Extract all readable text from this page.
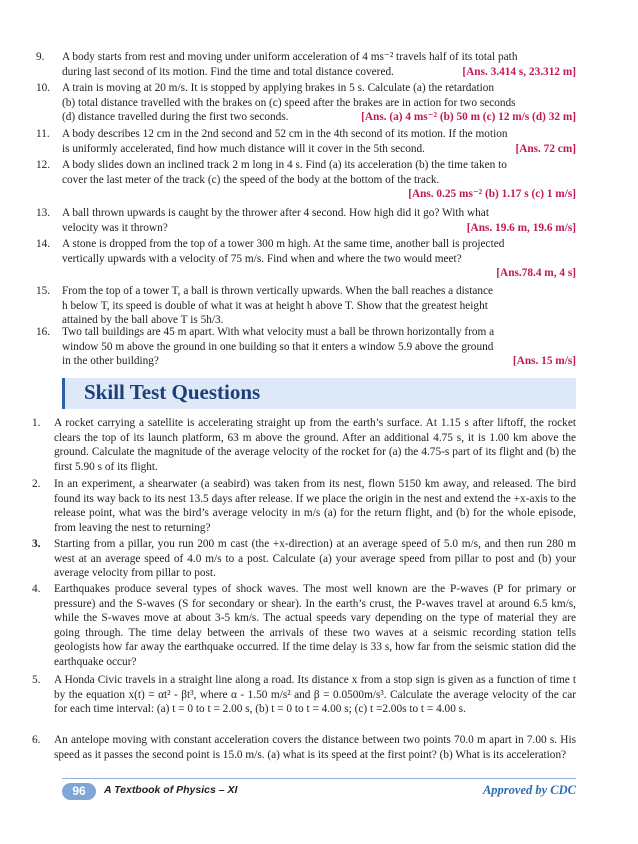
9. A body starts from rest and moving under uniform acceleration of 4 ms⁻² travels half of its total path
during last second of its motion. Find the time and total distance covered.	[Ans. 3.414 s, 23.312 m]
10. A train is moving at 20 m/s. It is stopped by applying brakes in 5 s. Calculate (a) the retardation
(b) total distance travelled with the brakes on (c) speed after the brakes are in action for two seconds
(d) distance travelled during the first two seconds.	[Ans. (a) 4 ms⁻² (b) 50 m (c) 12 m/s (d) 32 m]
11. A body describes 12 cm in the 2nd second and 52 cm in the 4th second of its motion. If the motion
is uniformly accelerated, find how much distance will it cover in the 5th second.	[Ans. 72 cm]
12. A body slides down an inclined track 2 m long in 4 s. Find (a) its acceleration (b) the time taken to
cover the last meter of the track (c) the speed of the body at the bottom of the track.
[Ans. 0.25 ms⁻² (b) 1.17 s (c) 1 m/s]
13. A ball thrown upwards is caught by the thrower after 4 second. How high did it go? With what
velocity was it thrown?	[Ans. 19.6 m, 19.6 m/s]
14. A stone is dropped from the top of a tower 300 m high. At the same time, another ball is projected
vertically upwards with a velocity of 75 m/s. Find when and where the two would meet?
[Ans.78.4 m, 4 s]
15. From the top of a tower T, a ball is thrown vertically upwards. When the ball reaches a distance
h below T, its speed is double of what it was at height h above T. Show that the greatest height
attained by the ball above T is 5h/3.
16. Two tall buildings are 45 m apart. With what velocity must a ball be thrown horizontally from a
window 50 m above the ground in one building so that it enters a window 5.9 above the ground
in the other building?	[Ans. 15 m/s]
Skill Test Questions
1. A rocket carrying a satellite is accelerating straight up from the earth’s surface. At 1.15 s after liftoff, the rocket clears the top of its launch platform, 63 m above the ground. After an additional 4.75 s, it is 1.00 km above the ground. Calculate the magnitude of the average velocity of the rocket for (a) the 4.75-s part of its flight and (b) the first 5.90 s of its flight.
2. In an experiment, a shearwater (a seabird) was taken from its nest, flown 5150 km away, and released. The bird found its way back to its nest 13.5 days after release. If we place the origin in the nest and extend the +x-axis to the release point, what was the bird’s average velocity in m/s (a) for the return flight, and (b) for the whole episode, from leaving the nest to returning?
3. Starting from a pillar, you run 200 m cast (the +x-direction) at an average speed of 5.0 m/s, and then run 280 m west at an average speed of 4.0 m/s to a post. Calculate (a) your average speed from pillar to post and (b) your average velocity from pillar to post.
4. Earthquakes produce several types of shock waves. The most well known are the P-waves (P for primary or pressure) and the S-waves (S for secondary or shear). In the earth’s crust, the P-waves travel at around 6.5 km/s, while the S-waves move at about 3-5 km/s. The actual speeds vary depending on the type of material they are going through. The time delay between the arrivals of these two waves at a seismic recording station tells geologists how far away the earthquake occurred. If the time delay is 33 s, how far from the seismic station did the earthquake occur?
5. A Honda Civic travels in a straight line along a road. Its distance x from a stop sign is given as a function of time t by the equation x(t) = αt² - βt³, where α - 1.50 m/s² and β = 0.0500m/s³. Calculate the average velocity of the car for each time interval: (a) t = 0 to t = 2.00 s, (b) t = 0 to t = 4.00 s; (c) t =2.00s to t = 4.00 s.
6. An antelope moving with constant acceleration covers the distance between two points 70.0 m apart in 7.00 s. His speed as it passes the second point is 15.0 m/s. (a) what is its speed at the first point? (b) What is its acceleration?
96	A Textbook of Physics – XI	Approved by CDC
